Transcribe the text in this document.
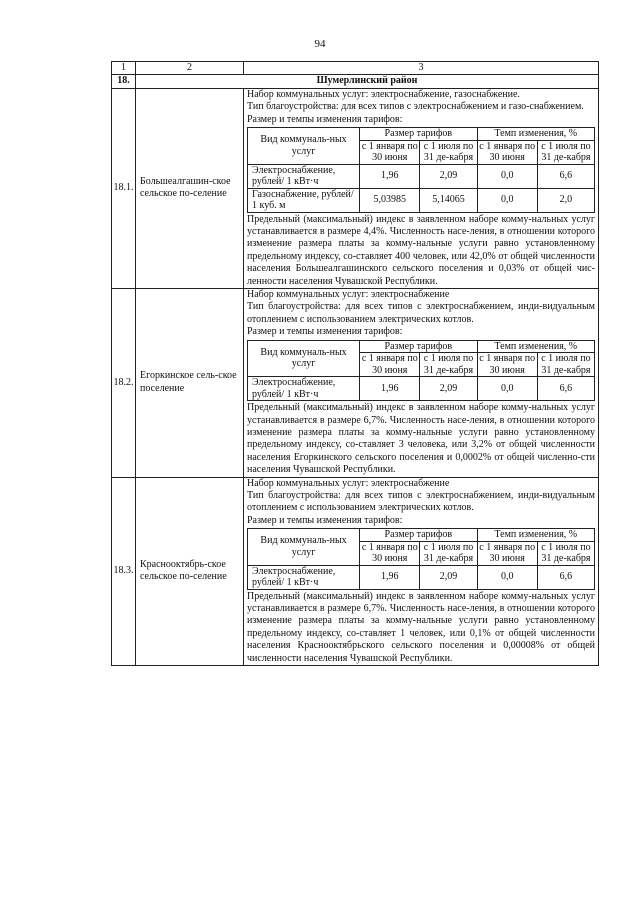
94
1	2	3
18.	Шумерлинский район
18.1.	Большеалгашин-ское сельское по-селение	
Набор коммунальных услуг: электроснабжение, газоснабжение.
Тип благоустройства: для всех типов с электроснабжением и газо-снабжением.
Размер и темпы изменения тарифов:
Вид коммуналь-ных услуг	Размер тарифов	Темп изменения, %
с 1 января по 30 июня	с 1 июля по 31 де-кабря	с 1 января по 30 июня	с 1 июля по 31 де-кабря
Электроснабжение, рублей/ 1 кВт·ч	1,96	2,09	0,0	6,6
Газоснабжение, рублей/ 1 куб. м	5,03985	5,14065	0,0	2,0
Предельный (максимальный) индекс в заявленном наборе комму-нальных услуг устанавливается в размере 4,4%. Численность насе-ления, в отношении которого изменение размера платы за комму-нальные услуги равно установленному предельному индексу, со-ставляет 400 человек, или 42,0% от общей численности населения Большеалгашинского сельского поселения и 0,03% от общей чис-ленности населения Чувашской Республики.

18.2.	Егоркинское сель-ское поселение	
Набор коммунальных услуг: электроснабжение
Тип благоустройства: для всех типов с электроснабжением, инди-видуальным отоплением с использованием электрических котлов.
Размер и темпы изменения тарифов:
Вид коммуналь-ных услуг	Размер тарифов	Темп изменения, %
с 1 января по 30 июня	с 1 июля по 31 де-кабря	с 1 января по 30 июня	с 1 июля по 31 де-кабря
Электроснабжение, рублей/ 1 кВт·ч	1,96	2,09	0,0	6,6
Предельный (максимальный) индекс в заявленном наборе комму-нальных услуг устанавливается в размере 6,7%. Численность насе-ления, в отношении которого изменение размера платы за комму-нальные услуги равно установленному предельному индексу, со-ставляет 3 человека, или 3,2% от общей численности населения Егоркинского сельского поселения и 0,0002% от общей численно-сти населения Чувашской Республики.

18.3.	Краснооктябрь-ское сельское по-селение	
Набор коммунальных услуг: электроснабжение
Тип благоустройства: для всех типов с электроснабжением, инди-видуальным отоплением с использованием электрических котлов.
Размер и темпы изменения тарифов:
Вид коммуналь-ных услуг	Размер тарифов	Темп изменения, %
с 1 января по 30 июня	с 1 июля по 31 де-кабря	с 1 января по 30 июня	с 1 июля по 31 де-кабря
Электроснабжение, рублей/ 1 кВт·ч	1,96	2,09	0,0	6,6
Предельный (максимальный) индекс в заявленном наборе комму-нальных услуг устанавливается в размере 6,7%. Численность насе-ления, в отношении которого изменение размера платы за комму-нальные услуги равно установленному предельному индексу, со-ставляет 1 человек, или 0,1% от общей численности населения Краснооктябрьского сельского поселения и 0,00008% от общей численности населения Чувашской Республики.
